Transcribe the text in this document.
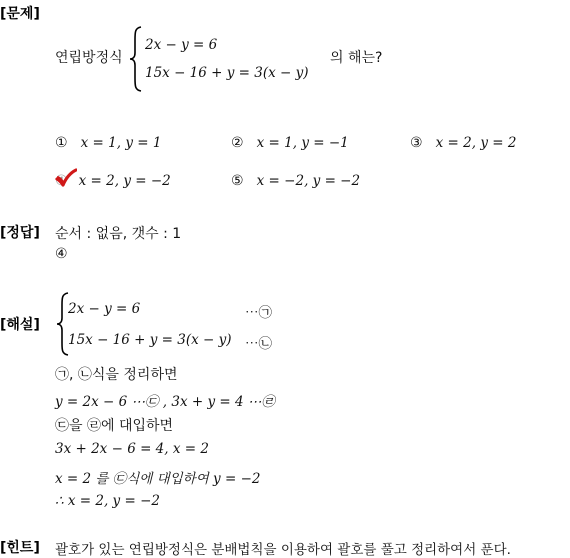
[문제]
[정답]
[해설]
[힌트]
연립방정식
2x − y = 6
15x − 16 + y = 3(x − y)
의 해는?
① x = 1, y = 1	② x = 1, y = −1	③ x = 2, y = 2
④ x = 2, y = −2	⑤ x = −2, y = −2
순서 : 없음, 갯수 : 1
④
2x − y = 6	⋯㉠
15x − 16 + y = 3(x − y) ⋯㉡
㉠, ㉡식을 정리하면
y = 2x − 6 ⋯㉢ , 3x + y = 4 ⋯㉣
㉢을 ㉣에 대입하면
3x + 2x − 6 = 4, x = 2
x = 2 를 ㉢식에 대입하여 y = −2
∴ x = 2, y = −2
괄호가 있는 연립방정식은 분배법칙을 이용하여 괄호를 풀고 정리하여서 푼다.
